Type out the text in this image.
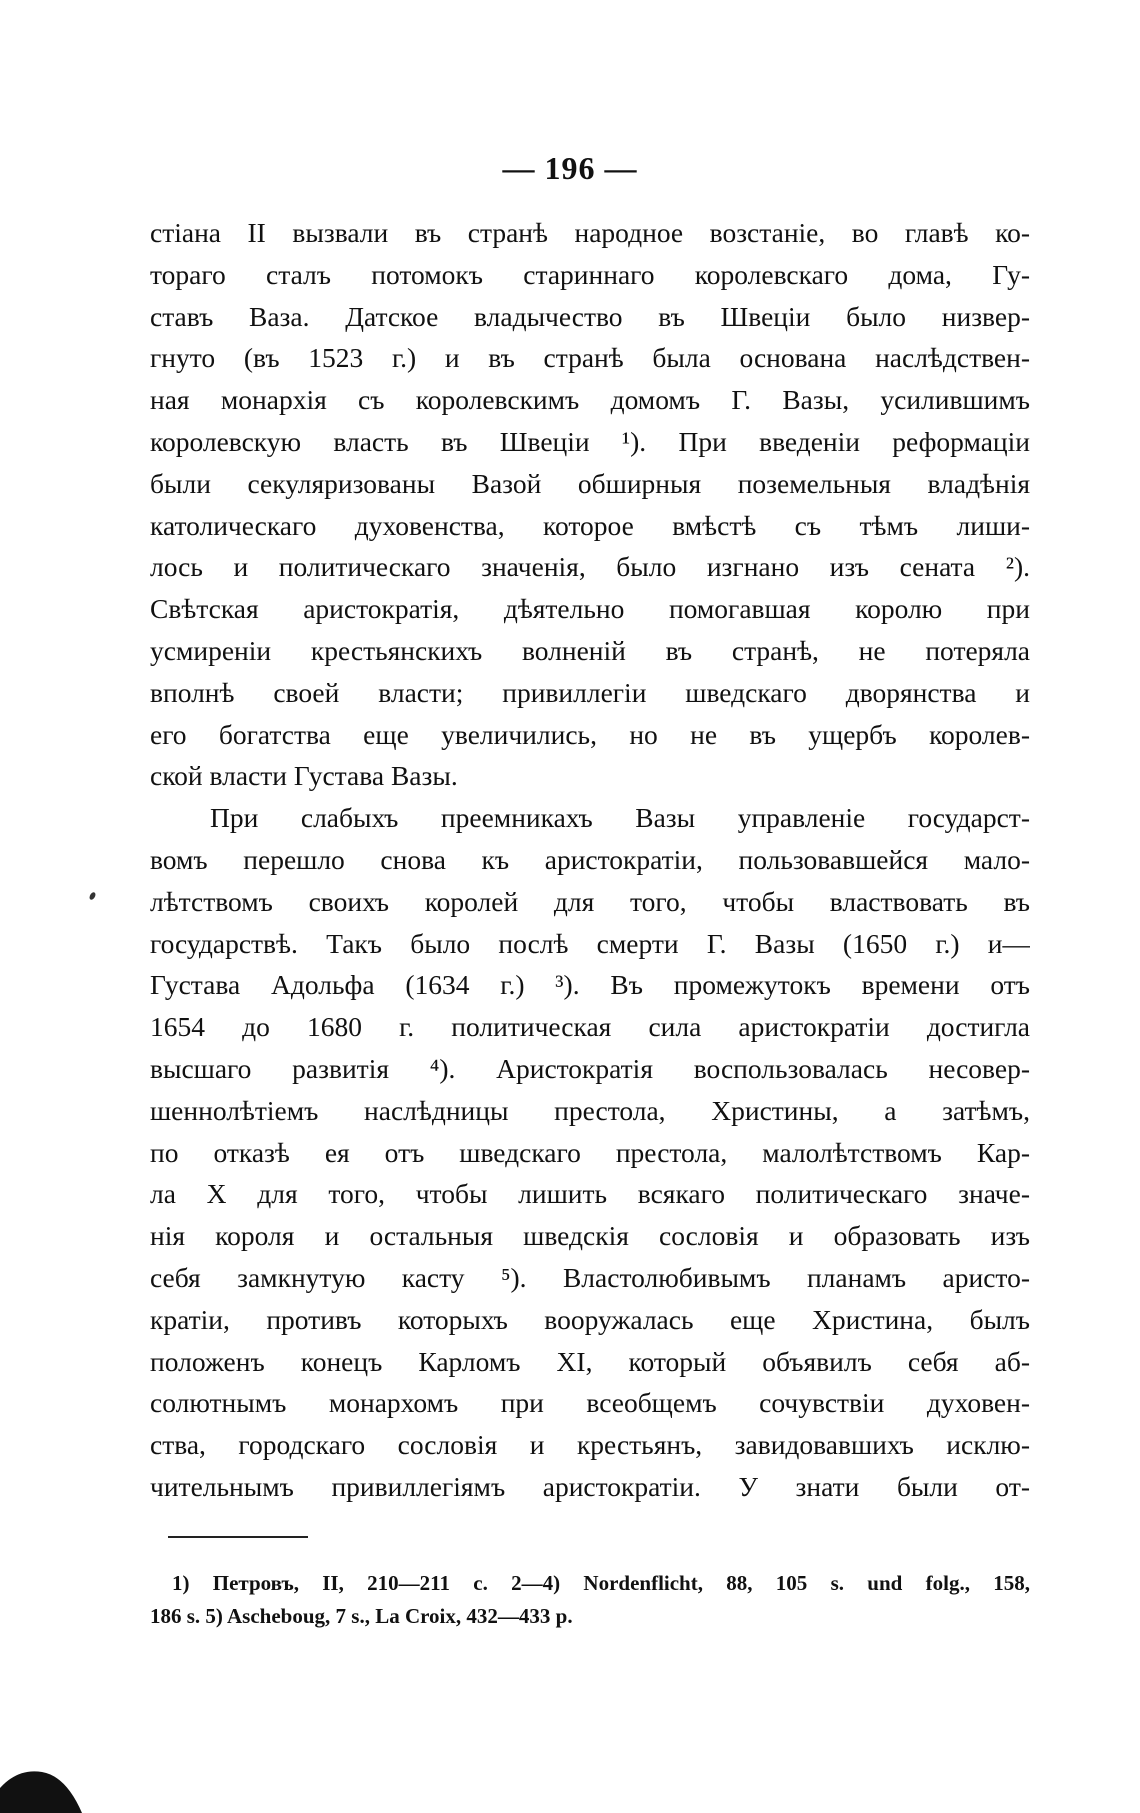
— 196 —
стіана II вызвали въ странѣ народное возстаніе, во главѣ ко-
тораго сталъ потомокъ стариннаго королевскаго дома, Гу-
ставъ Ваза. Датское владычество въ Швеціи было низвер-
гнуто (въ 1523 г.) и въ странѣ была основана наслѣдствен-
ная монархія съ королевскимъ домомъ Г. Вазы, усилившимъ
королевскую власть въ Швеціи ¹). При введеніи реформаціи
были секуляризованы Вазой обширныя поземельныя владѣнія
католическаго духовенства, которое вмѣстѣ съ тѣмъ лиши-
лось и политическаго значенія, было изгнано изъ сената ²).
Свѣтская аристократія, дѣятельно помогавшая королю при
усмиреніи крестьянскихъ волненій въ странѣ, не потеряла
вполнѣ своей власти; привиллегіи шведскаго дворянства и
его богатства еще увеличились, но не въ ущербъ королев-
ской власти Густава Вазы.
При слабыхъ преемникахъ Вазы управленіе государст-
вомъ перешло снова къ аристократіи, пользовавшейся мало-
лѣтствомъ своихъ королей для того, чтобы властвовать въ
государствѣ. Такъ было послѣ смерти Г. Вазы (1650 г.) и—
Густава Адольфа (1634 г.) ³). Въ промежутокъ времени отъ
1654 до 1680 г. политическая сила аристократіи достигла
высшаго развитія ⁴). Аристократія воспользовалась несовер-
шеннолѣтіемъ наслѣдницы престола, Христины, а затѣмъ,
по отказѣ ея отъ шведскаго престола, малолѣтствомъ Кар-
ла X для того, чтобы лишить всякаго политическаго значе-
нія короля и остальныя шведскія сословія и образовать изъ
себя замкнутую касту ⁵). Властолюбивымъ планамъ аристо-
кратіи, противъ которыхъ вооружалась еще Христина, былъ
положенъ конецъ Карломъ XI, который объявилъ себя аб-
солютнымъ монархомъ при всеобщемъ сочувствіи духовен-
ства, городскаго сословія и крестьянъ, завидовавшихъ исклю-
чительнымъ привиллегіямъ аристократіи. У знати были от-
1) Петровъ, II, 210—211 с. 2—4) Nordenflicht, 88, 105 s. und folg., 158,
186 s. 5) Ascheboug, 7 s., La Croix, 432—433 p.
